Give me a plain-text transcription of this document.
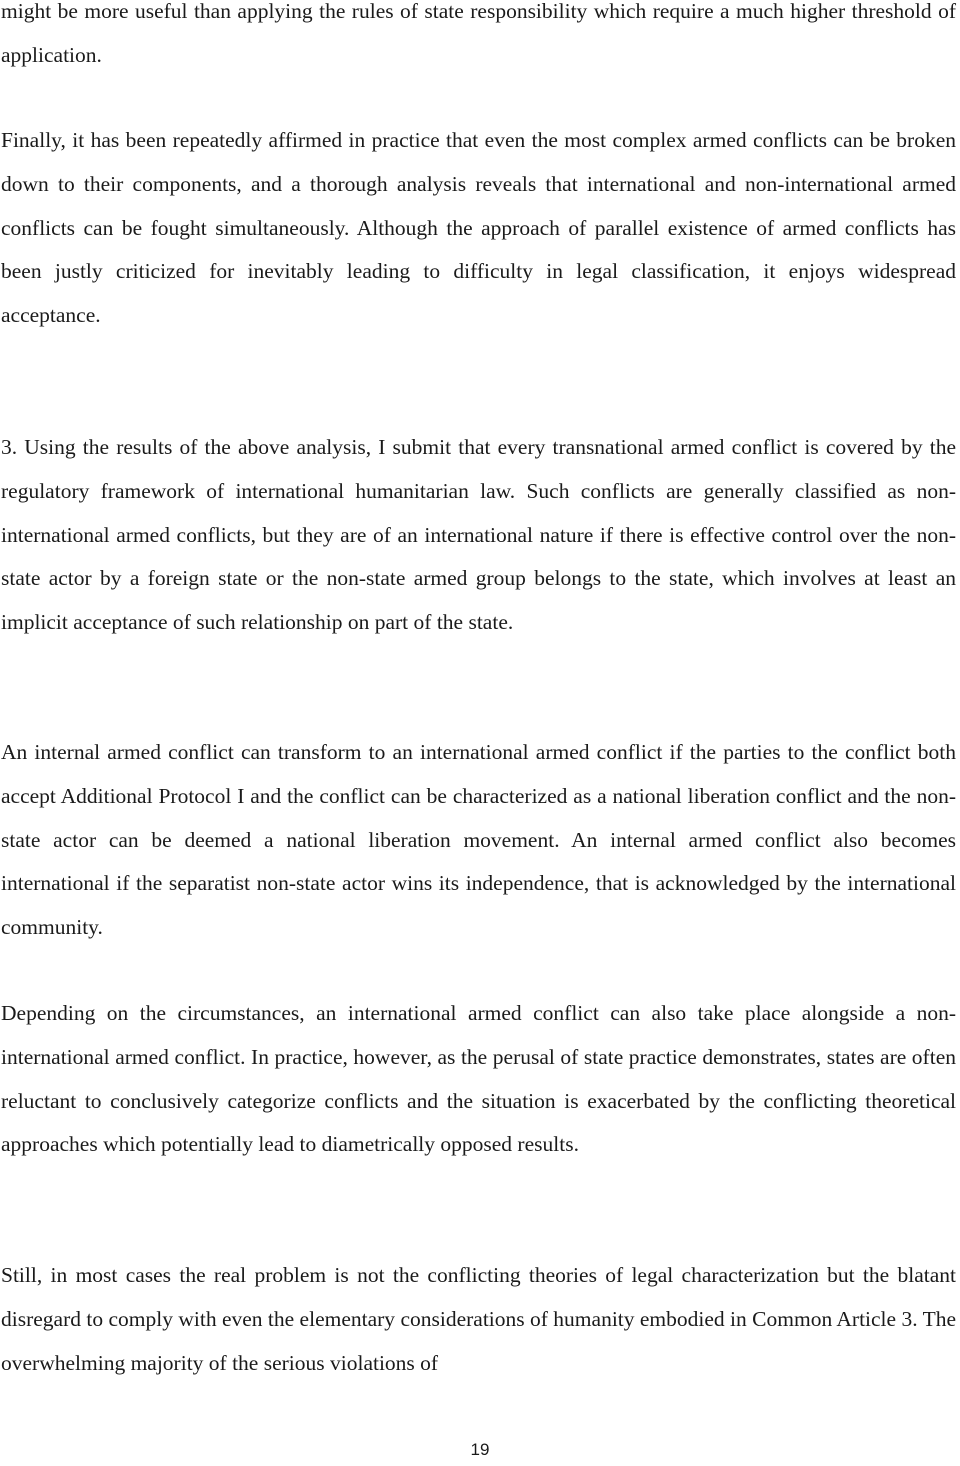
might be more useful than applying the rules of state responsibility which require a much higher threshold of application.

Finally, it has been repeatedly affirmed in practice that even the most complex armed conflicts can be broken down to their components, and a thorough analysis reveals that international and non-international armed conflicts can be fought simultaneously. Although the approach of parallel existence of armed conflicts has been justly criticized for inevitably leading to difficulty in legal classification, it enjoys widespread acceptance.

3. Using the results of the above analysis, I submit that every transnational armed conflict is covered by the regulatory framework of international humanitarian law. Such conflicts are generally classified as non-international armed conflicts, but they are of an international nature if there is effective control over the non-state actor by a foreign state or the non-state armed group belongs to the state, which involves at least an implicit acceptance of such relationship on part of the state.

An internal armed conflict can transform to an international armed conflict if the parties to the conflict both accept Additional Protocol I and the conflict can be characterized as a national liberation conflict and the non-state actor can be deemed a national liberation movement. An internal armed conflict also becomes international if the separatist non-state actor wins its independence, that is acknowledged by the international community.

Depending on the circumstances, an international armed conflict can also take place alongside a non-international armed conflict. In practice, however, as the perusal of state practice demonstrates, states are often reluctant to conclusively categorize conflicts and the situation is exacerbated by the conflicting theoretical approaches which potentially lead to diametrically opposed results.

Still, in most cases the real problem is not the conflicting theories of legal characterization but the blatant disregard to comply with even the elementary considerations of humanity embodied in Common Article 3. The overwhelming majority of the serious violations of

19
